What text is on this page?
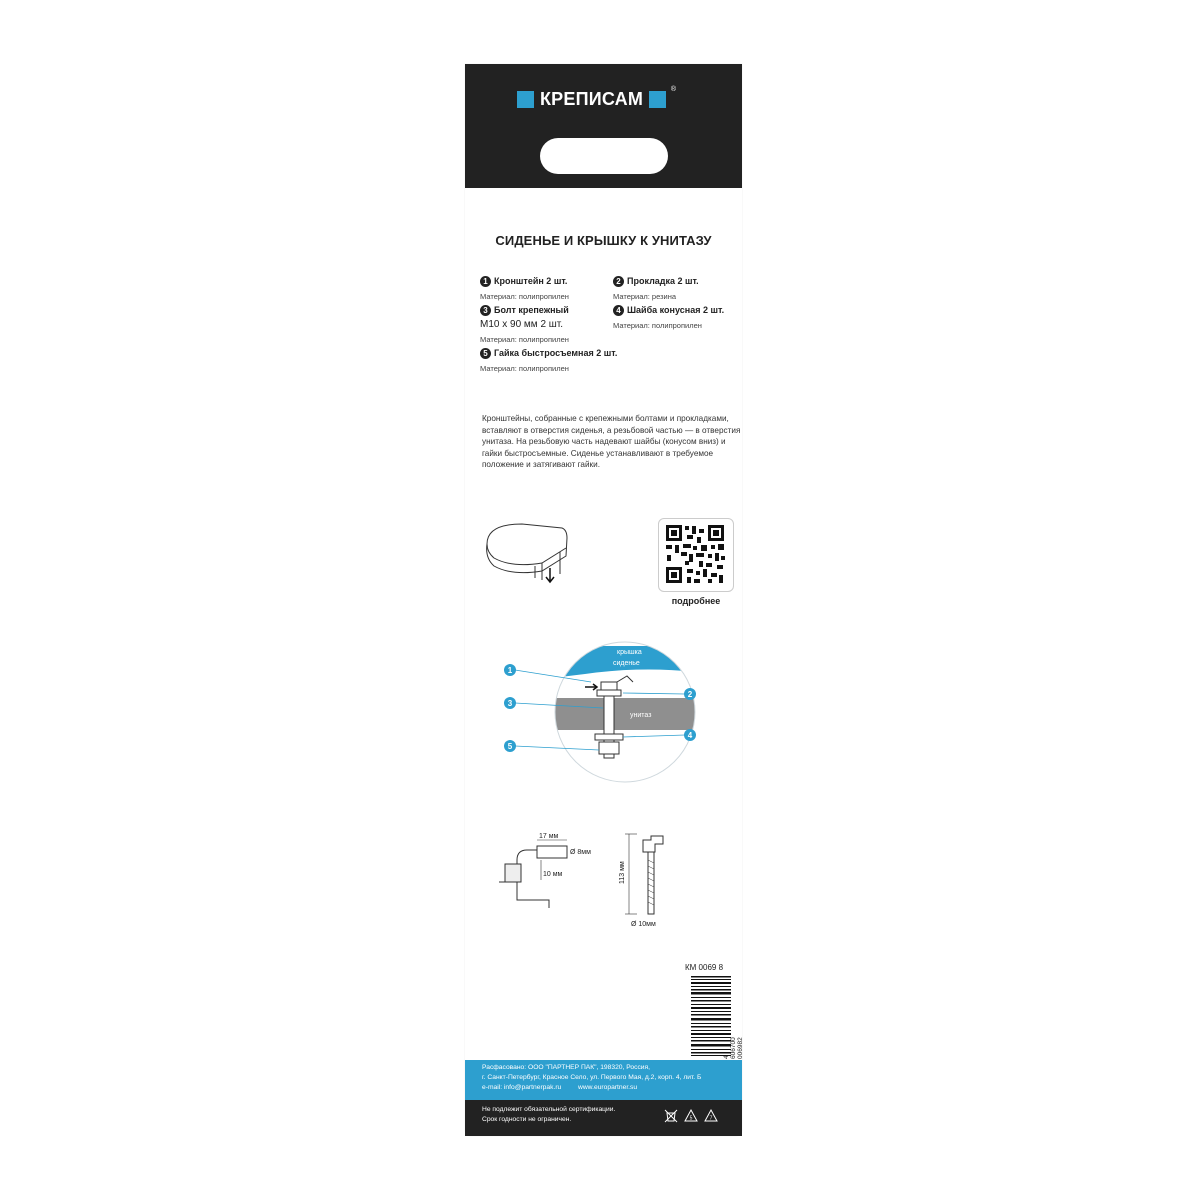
КРЕПИСАМ	®
СИДЕНЬЕ И КРЫШКУ К УНИТАЗУ
1 Кронштейн 2 шт.
Материал: полипропилен
2 Прокладка 2 шт.
Материал: резина
3 Болт крепежный
М10 х 90 мм 2 шт.
Материал: полипропилен
4 Шайба конусная 2 шт.
Материал: полипропилен
5 Гайка быстросъемная 2 шт.
Материал: полипропилен
Кронштейны, собранные с крепежными болтами и прокладками, вставляют в отверстия сиденья, а резьбовой частью — в отверстия унитаза. На резьбовую часть надевают шайбы (конусом вниз) и гайки быстросъемные. Сиденье устанавливают в требуемое положение и затягивают гайки.
подробнее
крышка
сиденье
унитаз
1
2
3
4
5
17 мм
Ø 8мм
10 мм	113 мм
Ø 10мм
КМ 0069 8
4 606700 006982
Расфасовано: ООО "ПАРТНЕР ПАК", 198320, Россия,
г. Санкт-Петербург, Красное Село, ул. Первого Мая, д.2, корп. 4, лит. Б
e-mail: info@partnerpak.ru	www.europartner.su
Не подлежит обязательной сертификации.
Срок годности не ограничен.	5	7
